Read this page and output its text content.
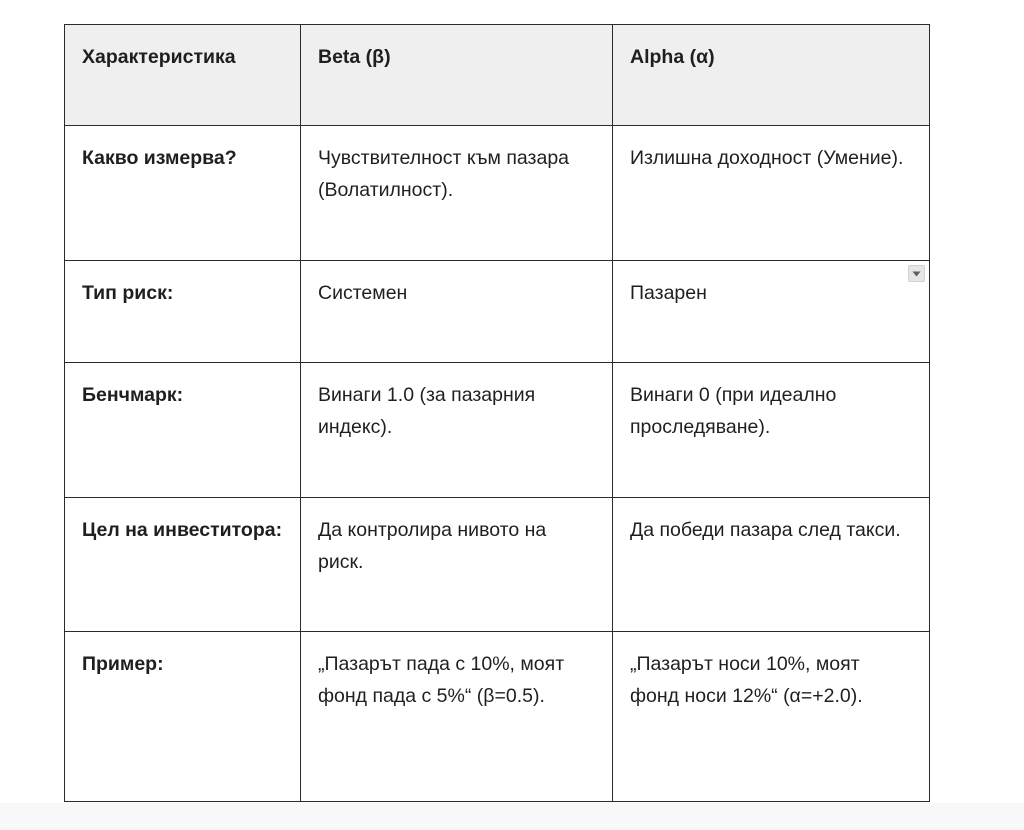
Характеристика	Beta (β)	Alpha (α)
Какво измерва?	Чувствителност към пазара (Волатилност).	Излишна доходност (Умение).
Тип риск:	Системен	Пазарен

Бенчмарк:	Винаги 1.0 (за пазарния индекс).	Винаги 0 (при идеално проследяване).
Цел на инвеститора:	Да контролира нивото на риск.	Да победи пазара след такси.
Пример:	„Пазарът пада с 10%, моят фонд пада с 5%“ (β=0.5).	„Пазарът носи 10%, моят фонд носи 12%“ (α=+2.0).
